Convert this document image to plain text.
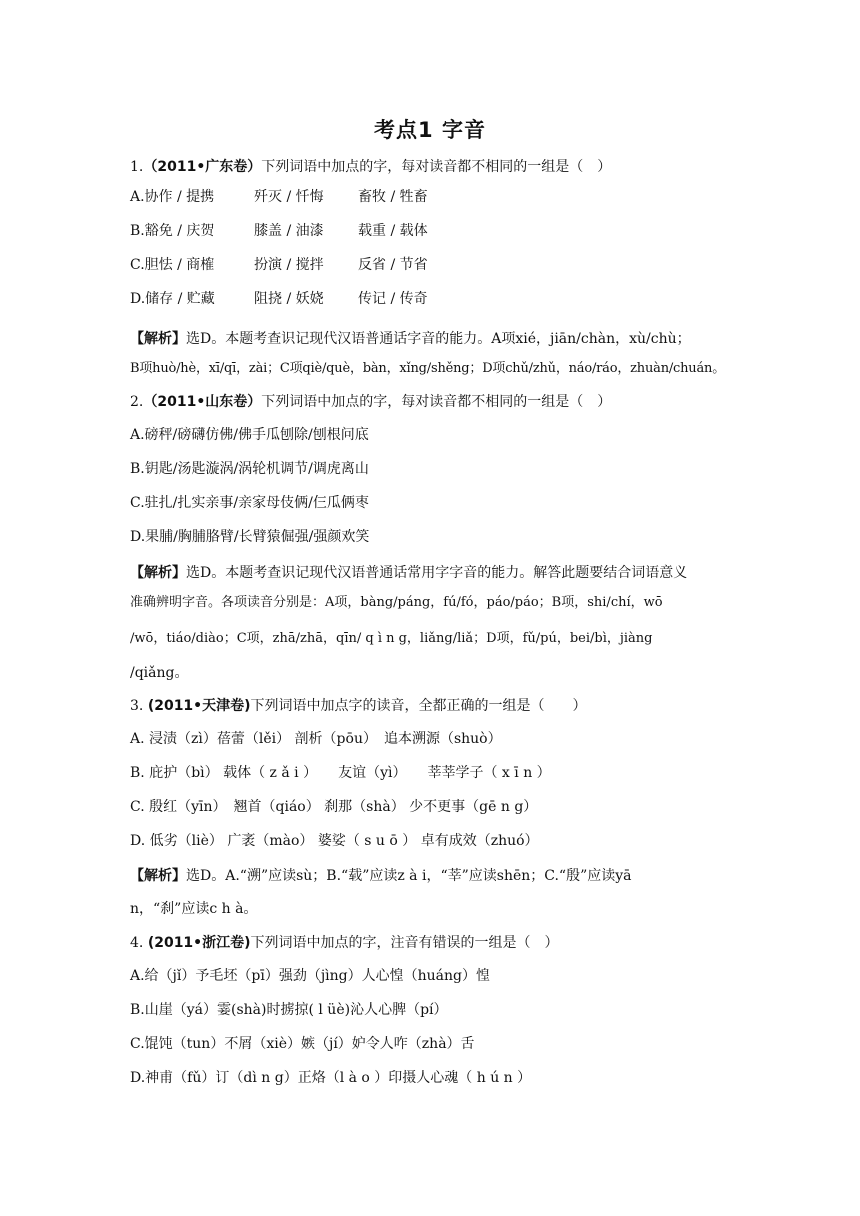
考点1 字音
1.（2011•广东卷）下列词语中加点的字，每对读音都不相同的一组是（　）
A.协作 / 提携	歼灭 / 忏悔 畜牧 / 牲畜
B.豁免 / 庆贺	膝盖 / 油漆 载重 / 载体
C.胆怯 / 商榷	扮演 / 搅拌 反省 / 节省
D.储存 / 贮藏	阻挠 / 妖娆 传记 / 传奇
【解析】选D。本题考查识记现代汉语普通话字音的能力。A项xié，jiān/chàn，xù/chù；
B项huò/hè，xī/qī，zài；C项qiè/què，bàn，xǐng/shěng；D项chǔ/zhǔ，náo/ráo，zhuàn/chuán。
2.（2011•山东卷）下列词语中加点的字，每对读音都不相同的一组是（　）
A.磅秤/磅礴仿佛/佛手瓜刨除/刨根问底
B.钥匙/汤匙漩涡/涡轮机调节/调虎离山
C.驻扎/扎实亲事/亲家母伎俩/仨瓜俩枣
D.果脯/胸脯胳臂/长臂猿倔强/强颜欢笑
【解析】选D。本题考查识记现代汉语普通话常用字字音的能力。解答此题要结合词语意义
准确辨明字音。各项读音分别是：A项，bàng/páng，fú/fó，páo/páo；B项，shi/chí，wō
/wō，tiáo/diào；C项，zhā/zhā，qīn/ q ì n g，liǎng/liǎ；D项，fǔ/pú，bei/bì，jiàng
/qiǎng。
3. (2011•天津卷)下列词语中加点字的读音，全都正确的一组是（　　）
A. 浸渍（zì）蓓蕾（lěi） 剖析（pōu）　追本溯源（shuò）
B. 庇护（bì） 载体（ z ǎ i ）　　友谊（yì）　　莘莘学子（ x ī n ）
C. 殷红（yīn）　翘首（qiáo） 刹那（shà） 少不更事（gē n g）
D. 低劣（liè） 广袤（mào） 婆娑（ s u ō ） 卓有成效（zhuó）
【解析】选D。A.“溯”应读sù；B.“载”应读z à i，“莘”应读shēn；C.“殷”应读yā
n，“刹”应读c h à。
4. (2011•浙江卷)下列词语中加点的字，注音有错误的一组是（　）
A.给（jǐ）予毛坯（pī）强劲（jìng）人心惶（huáng）惶
B.山崖（yá）霎(shà)时掳掠( l üè)沁人心脾（pí）
C.馄饨（tun）不屑（xiè）嫉（jí）妒令人咋（zhà）舌
D.神甫（fǔ）订（dì n g）正烙（l à o ）印摄人心魂（ h ú n ）
